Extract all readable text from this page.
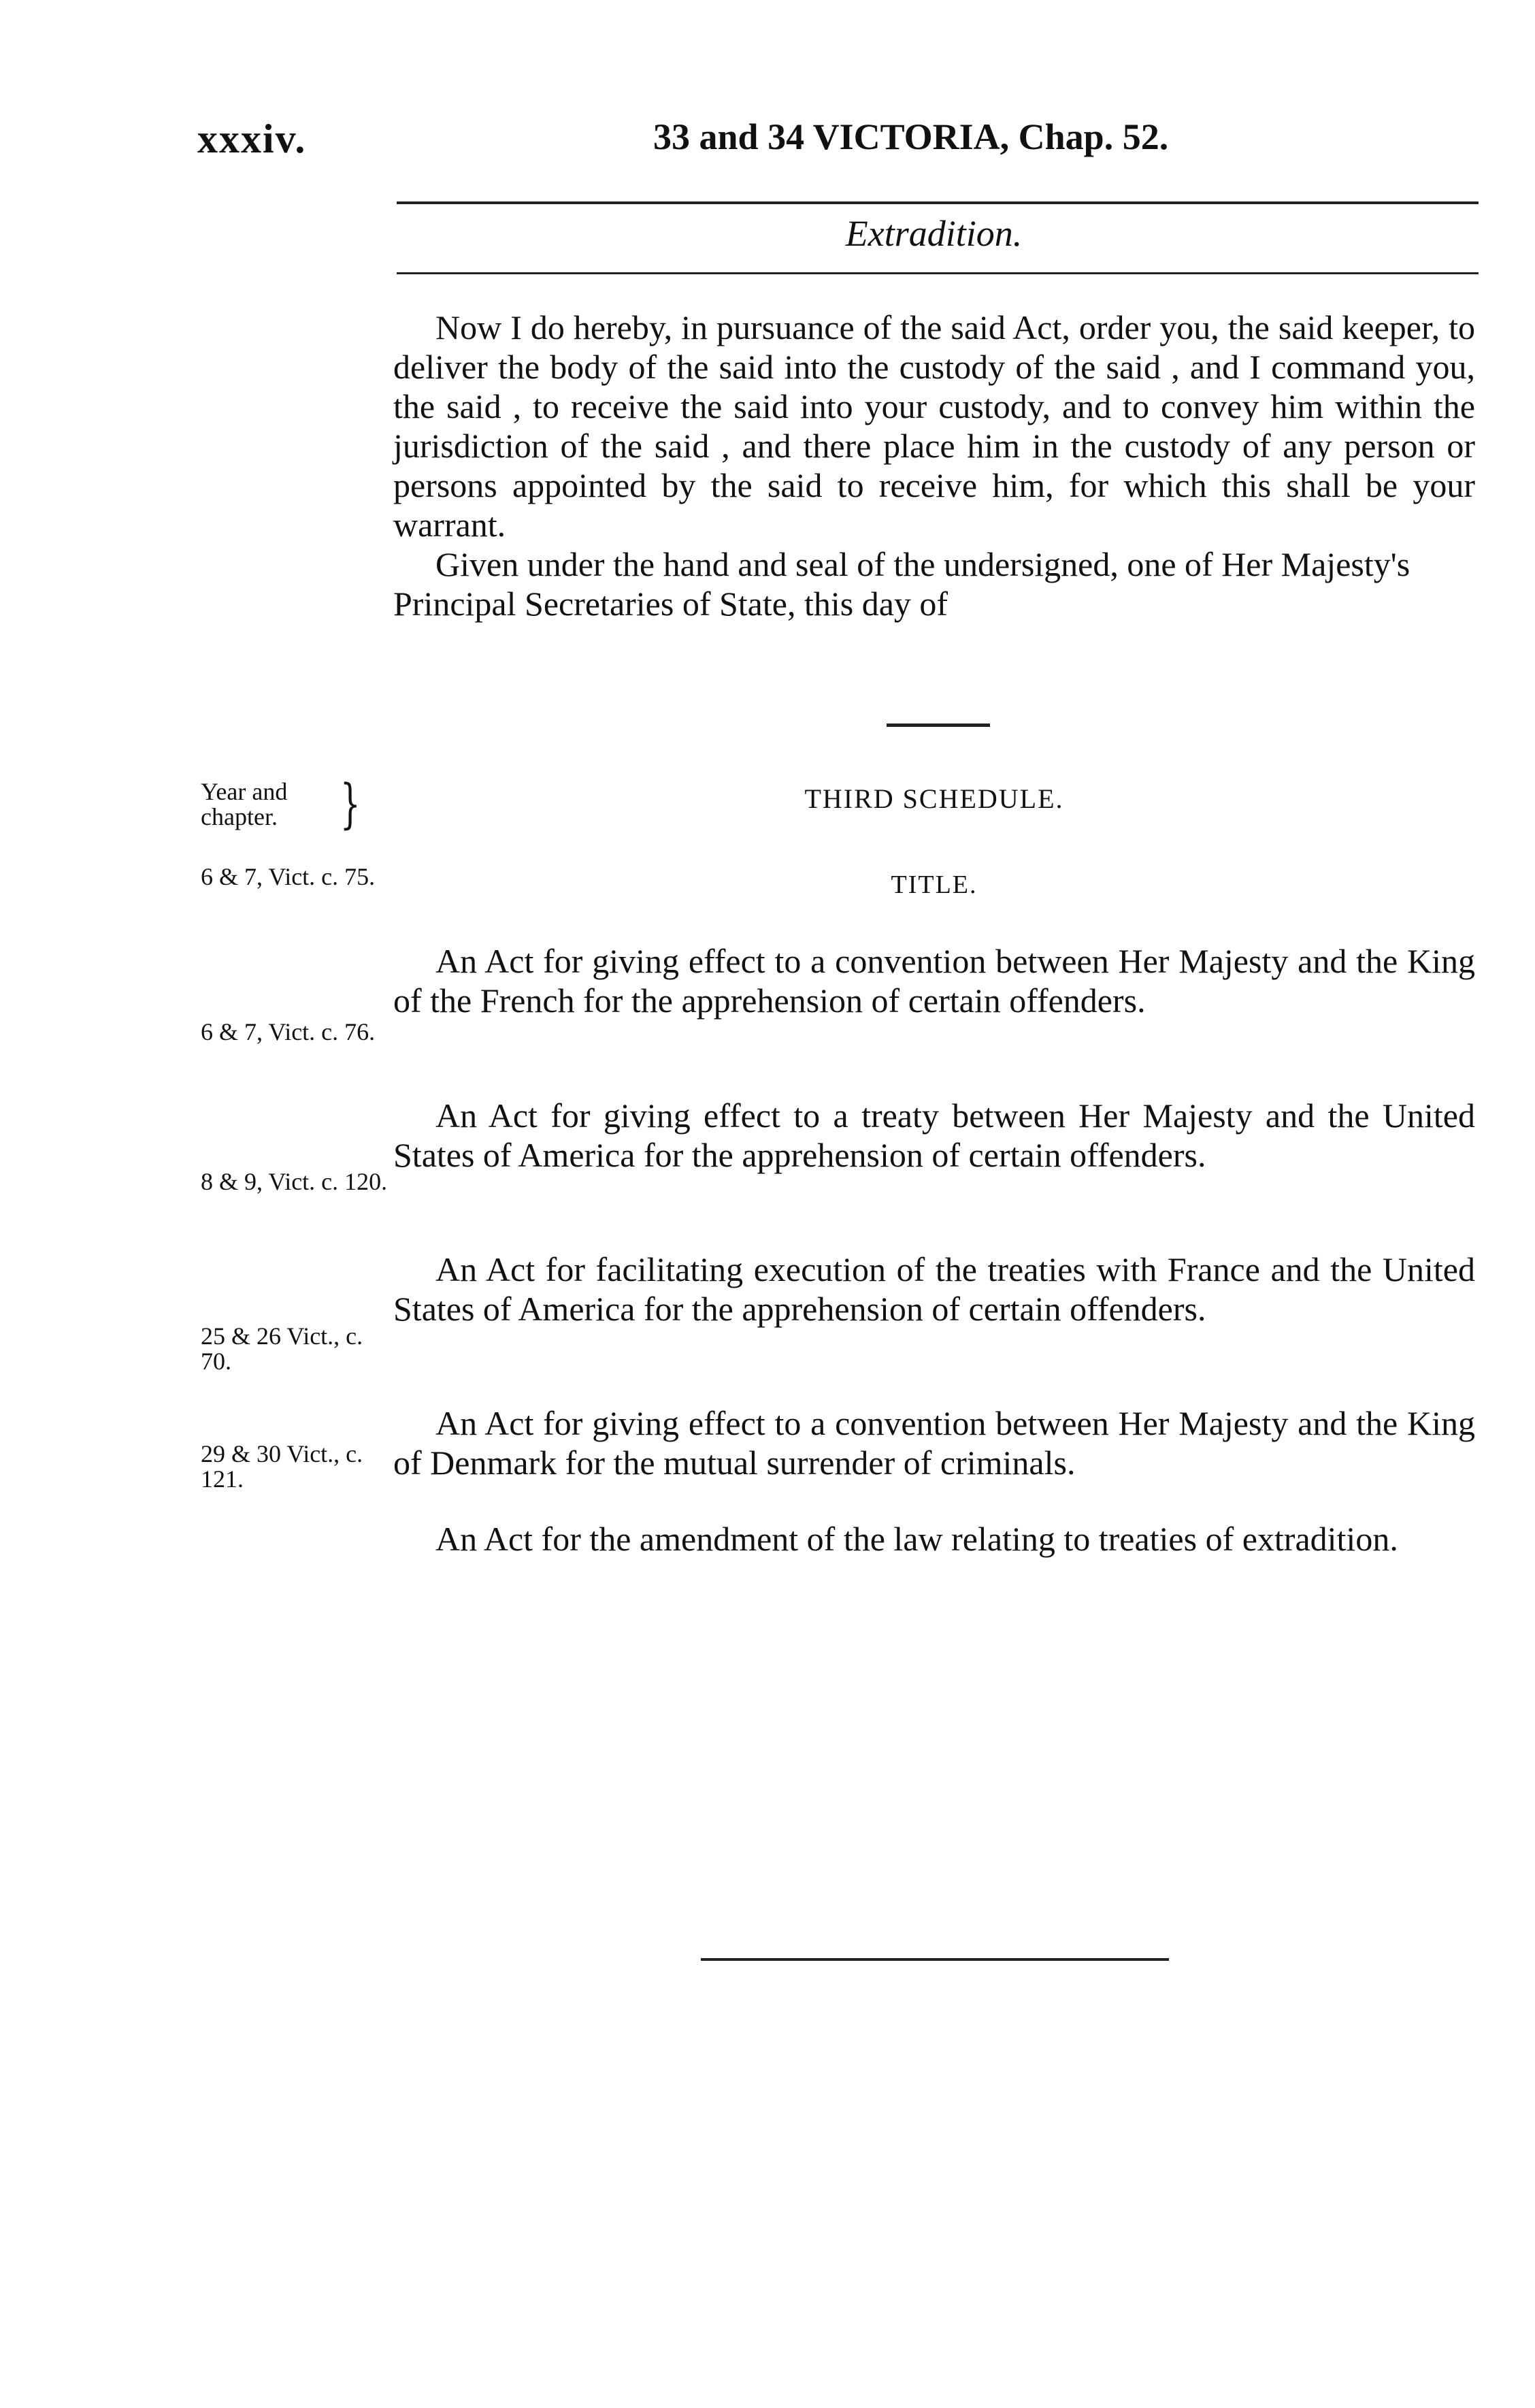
xxxiv.	33 and 34 VICTORIA, Chap. 52.
Extradition.

Now I do hereby, in pursuance of the said Act, order you, the said keeper, to deliver the body of the said into the custody of the said , and I command you, the said , to receive the said into your custody, and to convey him within the jurisdiction of the said , and there place him in the custody of any person or persons appointed by the said to receive him, for which this shall be your warrant.

Given under the hand and seal of the undersigned, one of Her Majesty's Principal Secretaries of State, this day of

Year and chapter.	}	THIRD SCHEDULE.
TITLE.
6 & 7, Vict. c. 75.

An Act for giving effect to a convention between Her Majesty and the King of the French for the apprehension of certain offenders.

6 & 7, Vict. c. 76.

An Act for giving effect to a treaty between Her Majesty and the United States of America for the apprehension of certain offenders.

8 & 9, Vict. c. 120.

An Act for facilitating execution of the treaties with France and the United States of America for the apprehension of certain offenders.

25 & 26 Vict., c. 70.

An Act for giving effect to a convention between Her Majesty and the King of Denmark for the mutual surrender of criminals.

29 & 30 Vict., c. 121.

An Act for the amendment of the law relating to treaties of extradition.
